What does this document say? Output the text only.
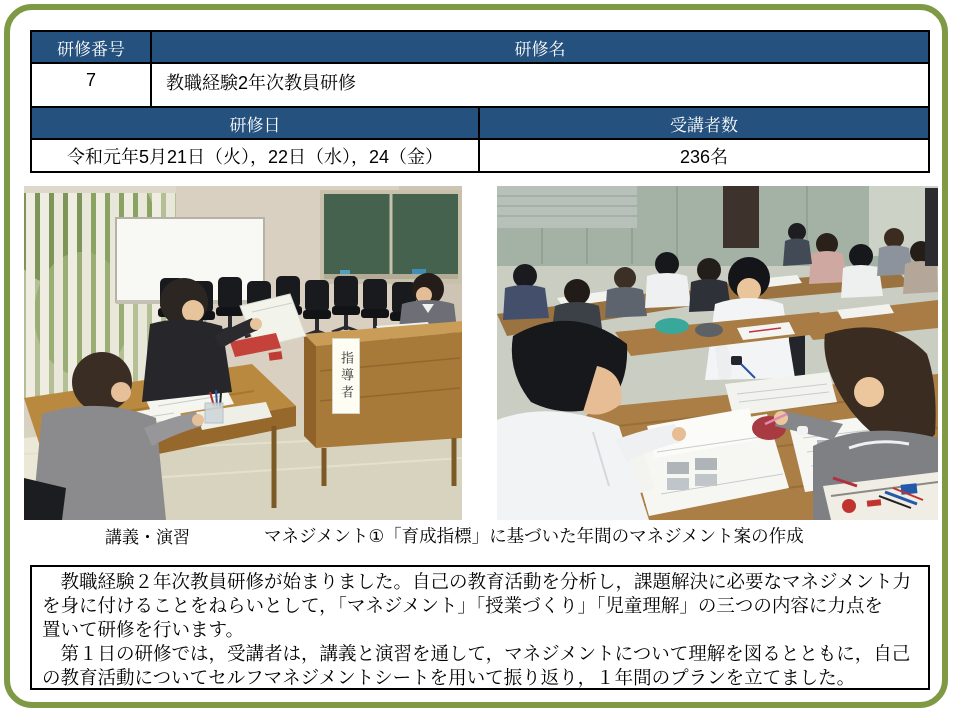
研修番号	研修名
7	教職経験2年次教員研修
研修日	受講者数
令和元年5月21日（火），22日（水），24（金）	236名
指導者
講義・演習	マネジメント①「育成指標」に基づいた年間のマネジメント案の作成
　教職経験２年次教員研修が始まりました。自己の教育活動を分析し，課題解決に必要なマネジメント力
を身に付けることをねらいとして，「マネジメント」「授業づくり」「児童理解」の三つの内容に力点を
置いて研修を行います。
　第１日の研修では，受講者は，講義と演習を通して，マネジメントについて理解を図るとともに，自己
の教育活動についてセルフマネジメントシートを用いて振り返り，１年間のプランを立てました。
